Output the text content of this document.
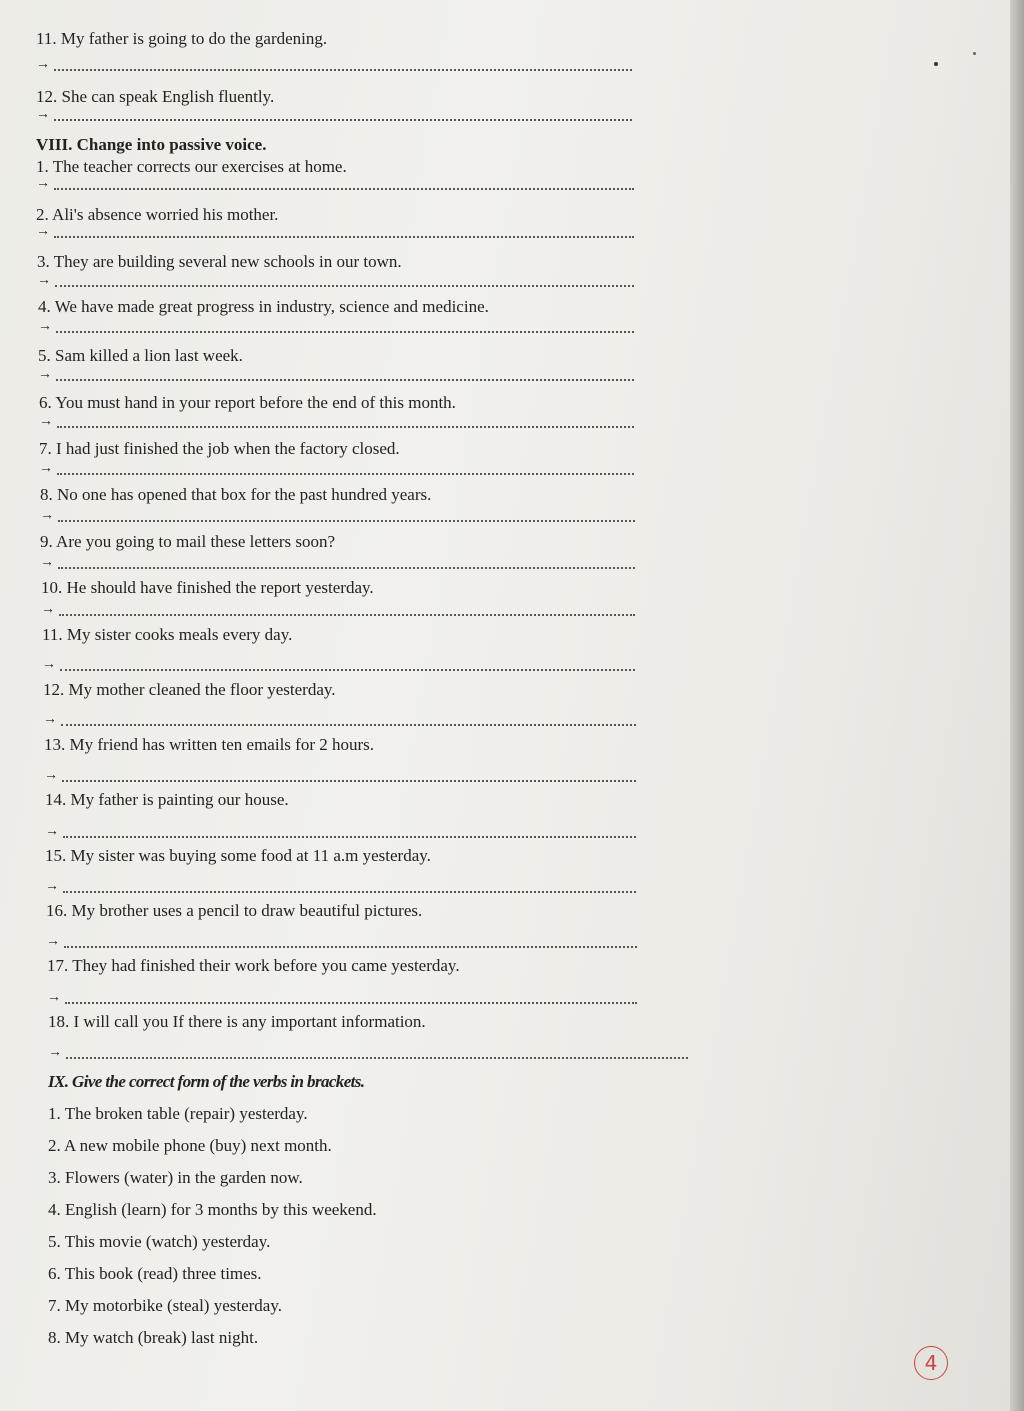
11. My father is going to do the gardening.
→
12. She can speak English fluently.
→
VIII. Change into passive voice.
1. The teacher corrects our exercises at home.
→
2. Ali's absence worried his mother.
→
3. They are building several new schools in our town.
→
4. We have made great progress in industry, science and medicine.
→
5. Sam killed a lion last week.
→
6. You must hand in your report before the end of this month.
→
7. I had just finished the job when the factory closed.
→
8. No one has opened that box for the past hundred years.
→
9. Are you going to mail these letters soon?
→
10. He should have finished the report yesterday.
→
11. My sister cooks meals every day.
→
12. My mother cleaned the floor yesterday.
→
13. My friend has written ten emails for 2 hours.
→
14. My father is painting our house.
→
15. My sister was buying some food at 11 a.m yesterday.
→
16. My brother uses a pencil to draw beautiful pictures.
→
17. They had finished their work before you came yesterday.
→
18. I will call you If there is any important information.
→
IX. Give the correct form of the verbs in brackets.
1. The broken table (repair) yesterday.
2. A new mobile phone (buy) next month.
3. Flowers (water) in the garden now.
4. English (learn) for 3 months by this weekend.
5. This movie (watch) yesterday.
6. This book (read) three times.
7. My motorbike (steal) yesterday.
8. My watch (break) last night.
4
